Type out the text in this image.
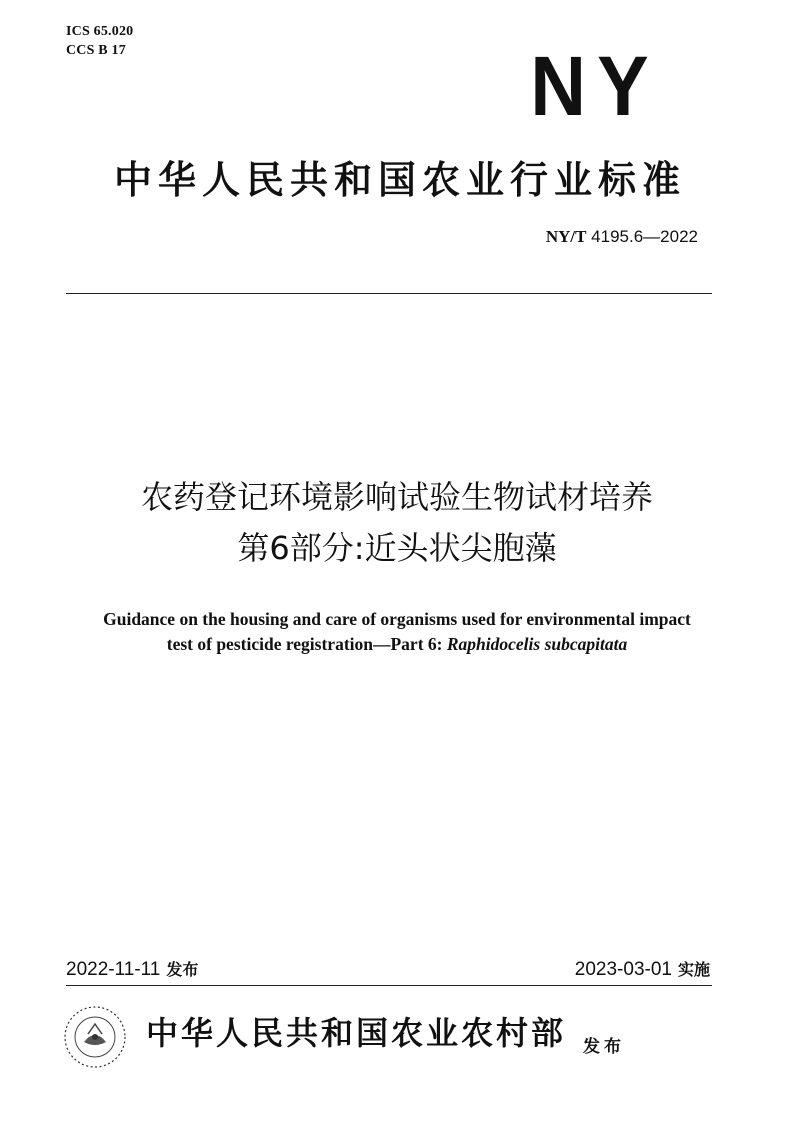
ICS 65.020
CCS B 17	NY
中华人民共和国农业行业标准
NY/T 4195.6—2022
农药登记环境影响试验生物试材培养
第6部分:近头状尖胞藻
Guidance on the housing and care of organisms used for environmental impact
test of pesticide registration—Part 6: Raphidocelis subcapitata
2022-11-11 发布	2023-03-01 实施
中华人民共和国农业农村部 发布
